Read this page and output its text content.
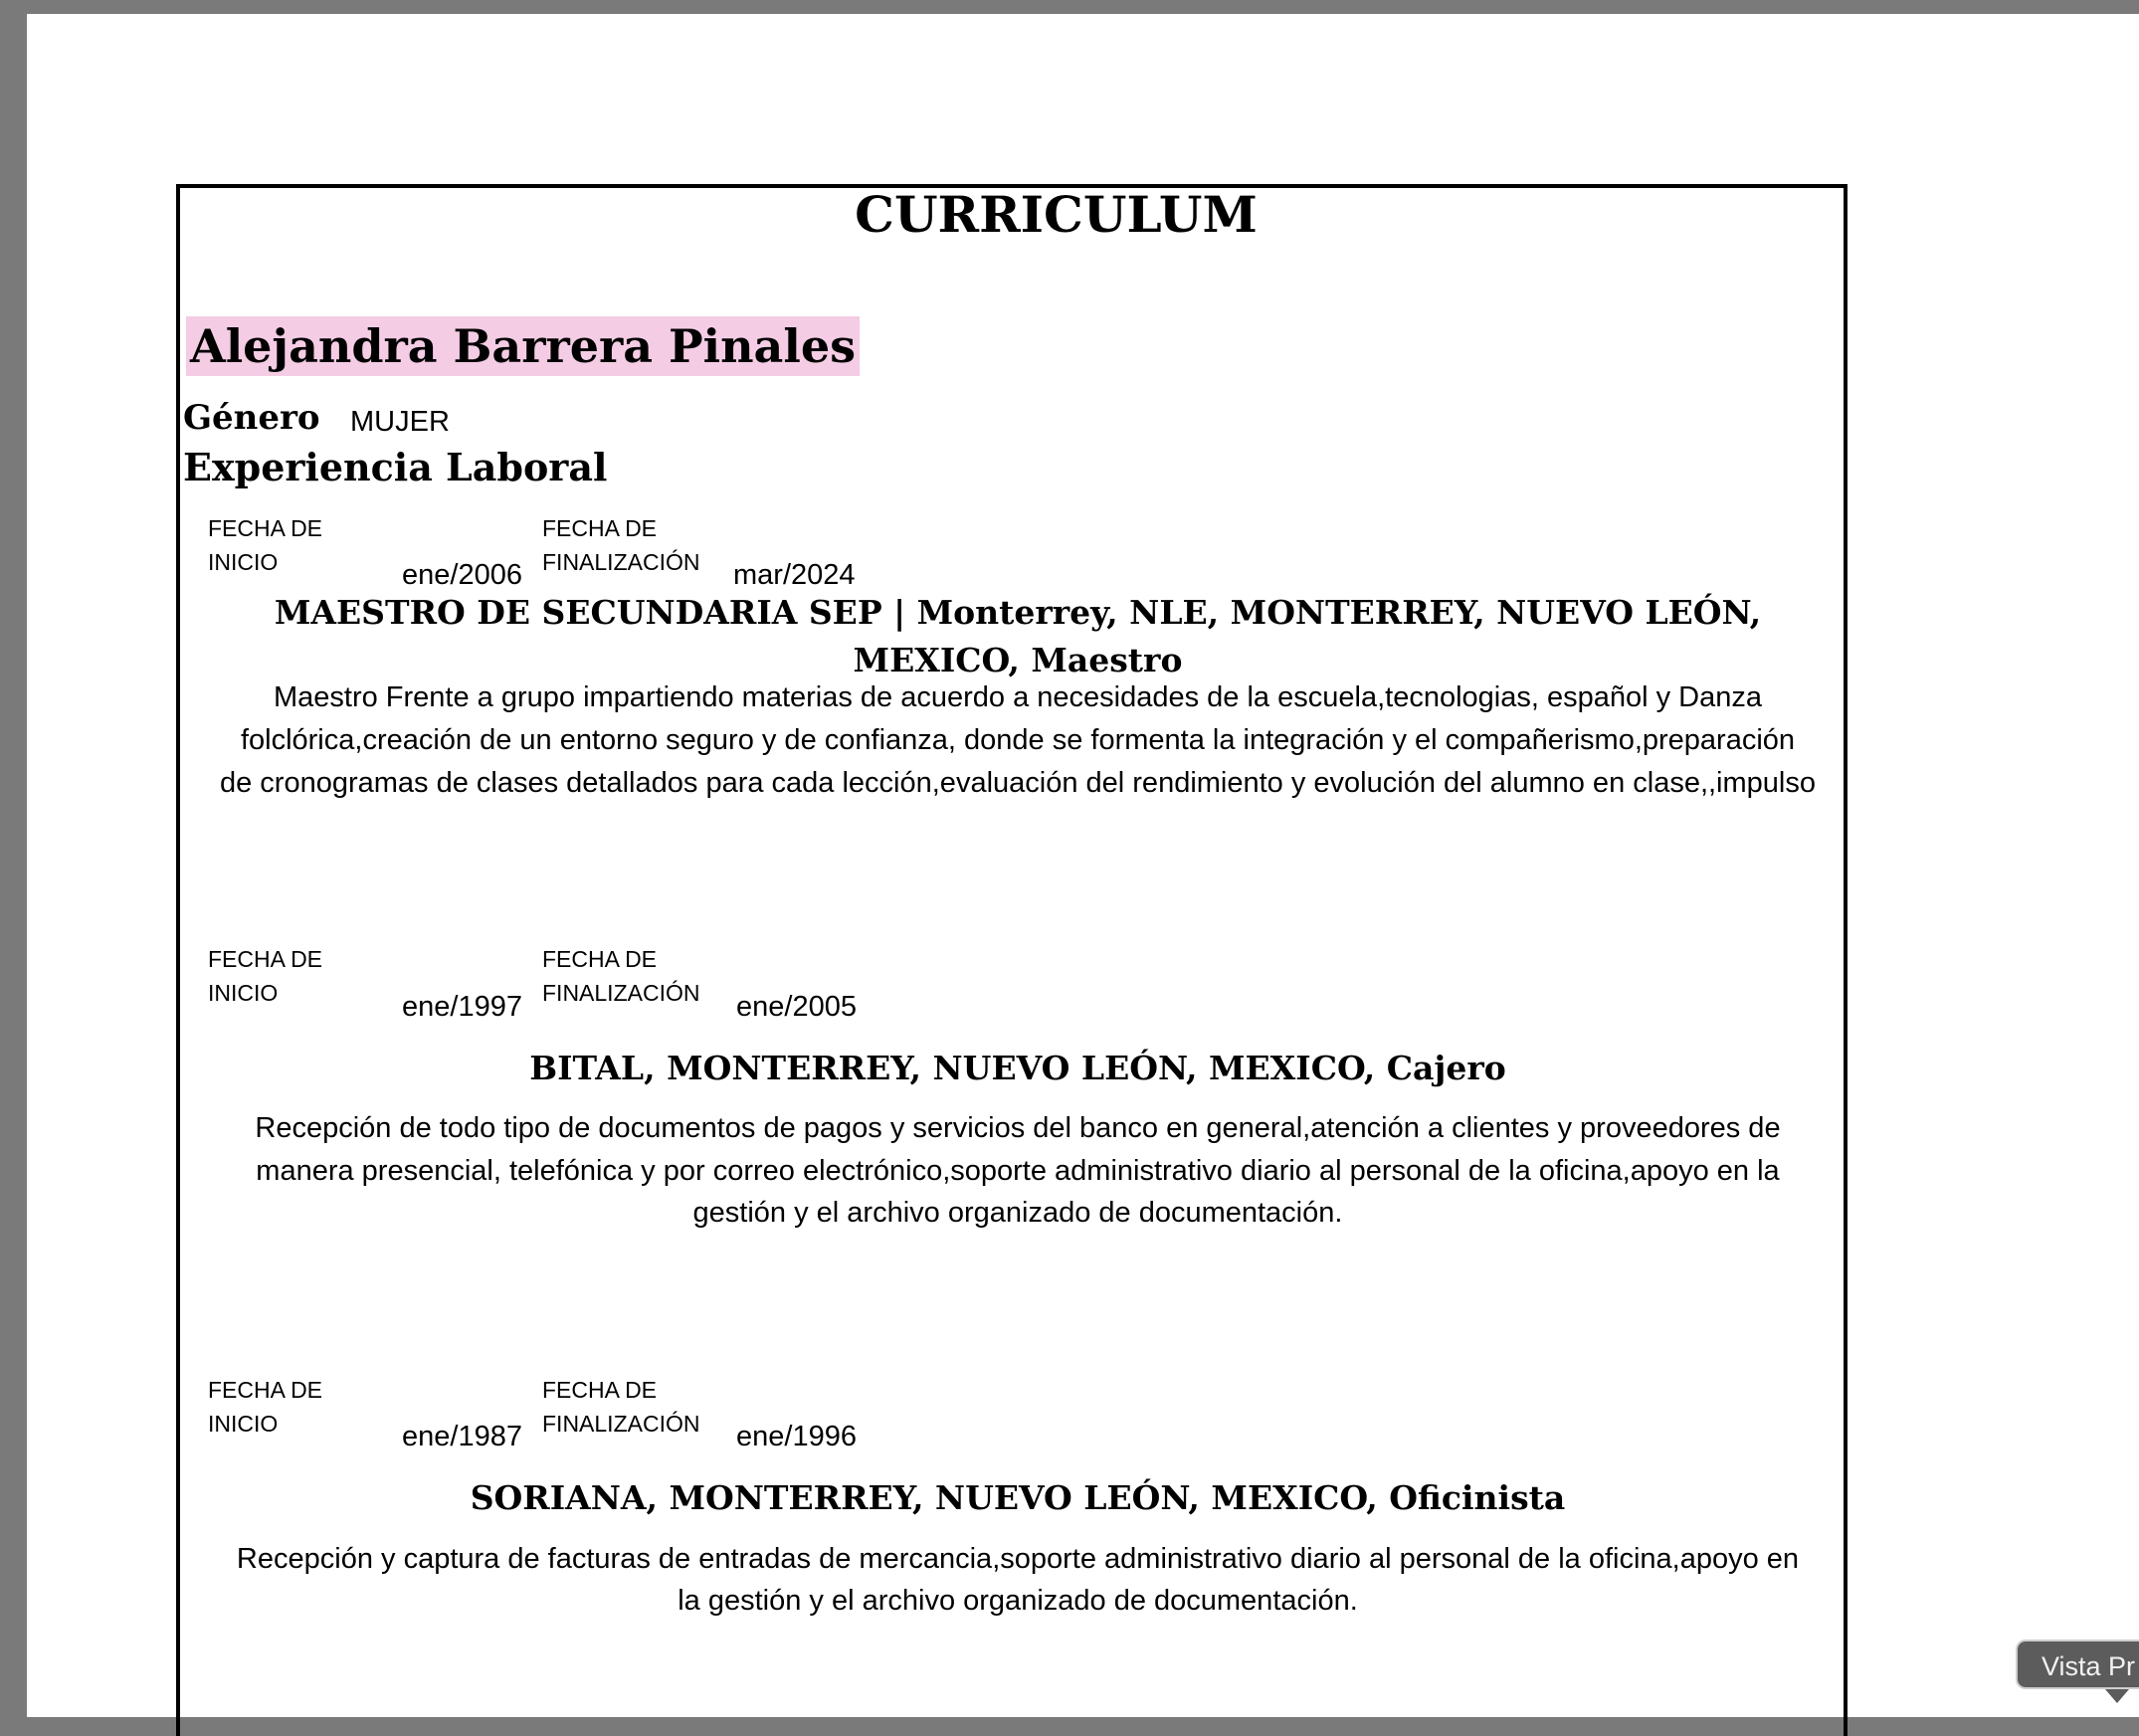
CURRICULUM
Alejandra Barrera Pinales
Género MUJER
Experiencia Laboral
FECHA DE
INICIO	ene/2006
FECHA DE
FINALIZACIÓN mar/2024
MAESTRO DE SECUNDARIA SEP | Monterrey, NLE, MONTERREY, NUEVO LEÓN,
MEXICO, Maestro
Maestro Frente a grupo impartiendo materias de acuerdo a necesidades de la escuela,tecnologias, español y Danza
folclórica,creación de un entorno seguro y de confianza, donde se formenta la integración y el compañerismo,preparación
de cronogramas de clases detallados para cada lección,evaluación del rendimiento y evolución del alumno en clase,,impulso
FECHA DE
INICIO	ene/1997
FECHA DE
FINALIZACIÓN ene/2005
BITAL, MONTERREY, NUEVO LEÓN, MEXICO, Cajero
Recepción de todo tipo de documentos de pagos y servicios del banco en general,atención a clientes y proveedores de
manera presencial, telefónica y por correo electrónico,soporte administrativo diario al personal de la oficina,apoyo en la
gestión y el archivo organizado de documentación.
FECHA DE
INICIO	ene/1987
FECHA DE
FINALIZACIÓN ene/1996
SORIANA, MONTERREY, NUEVO LEÓN, MEXICO, Oficinista
Recepción y captura de facturas de entradas de mercancia,soporte administrativo diario al personal de la oficina,apoyo en
la gestión y el archivo organizado de documentación.
Vista Pr
